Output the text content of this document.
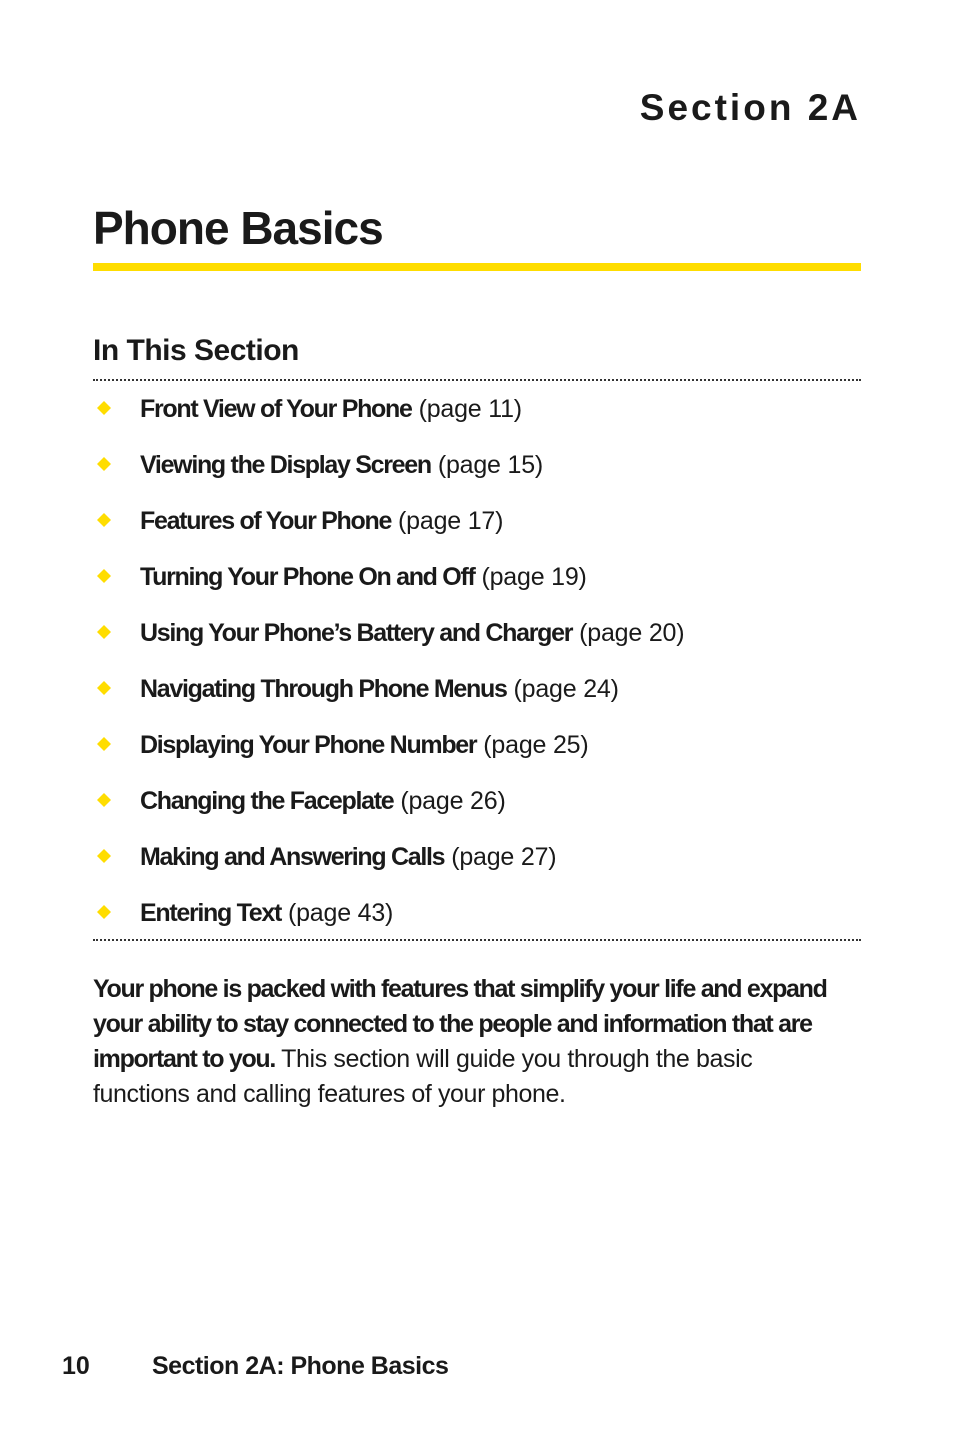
Section 2A
Phone Basics
In This Section
Front View of Your Phone (page 11)
Viewing the Display Screen (page 15)
Features of Your Phone (page 17)
Turning Your Phone On and Off (page 19)
Using Your Phone’s Battery and Charger (page 20)
Navigating Through Phone Menus (page 24)
Displaying Your Phone Number (page 25)
Changing the Faceplate (page 26)
Making and Answering Calls (page 27)
Entering Text (page 43)

Your phone is packed with features that simplify your life and expand your ability to stay connected to the people and information that are important to you. This section will guide you through the basic functions and calling features of your phone.

10 Section 2A: Phone Basics
